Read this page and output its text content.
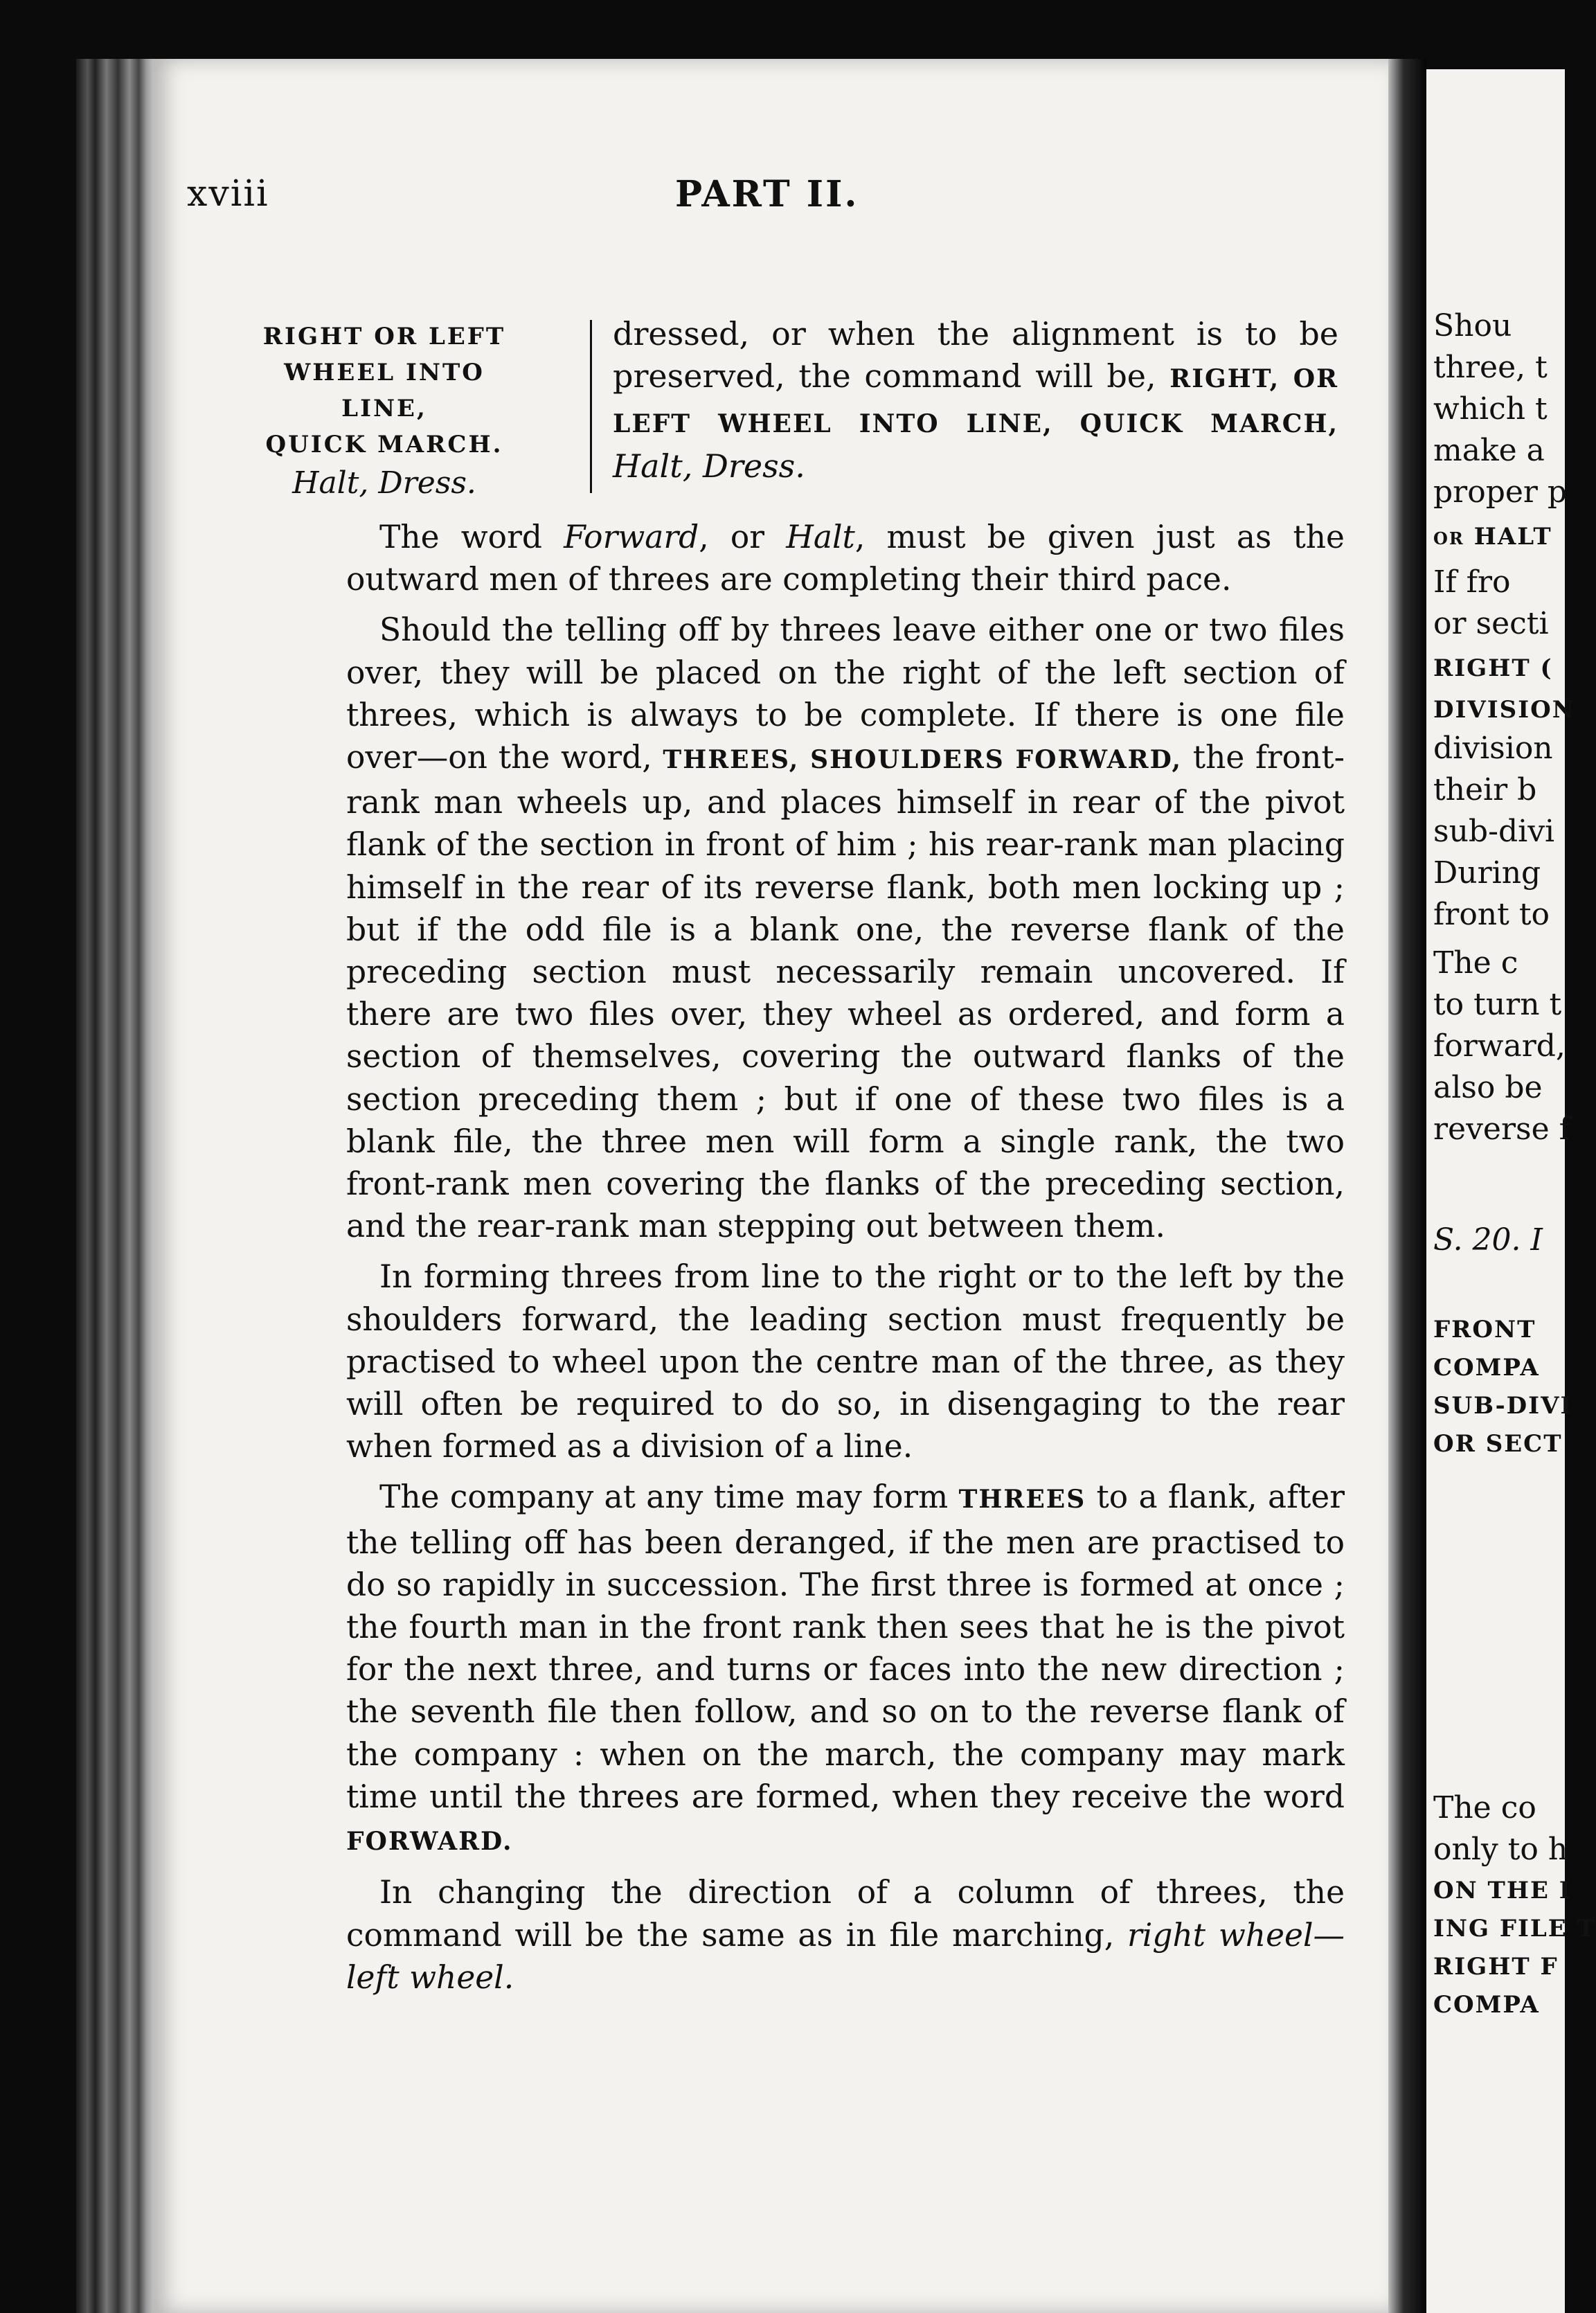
xviii	PART II.
RIGHT OR LEFT
WHEEL INTO
LINE,
QUICK MARCH.
Halt, Dress.
dressed, or when the alignment is to be preserved, the command will be, RIGHT, OR LEFT WHEEL INTO LINE, QUICK MARCH, Halt, Dress.

The word Forward, or Halt, must be given just as the outward men of threes are completing their third pace.

Should the telling off by threes leave either one or two files over, they will be placed on the right of the left section of threes, which is always to be complete. If there is one file over—on the word, THREES, SHOULDERS FORWARD, the front-rank man wheels up, and places himself in rear of the pivot flank of the section in front of him ; his rear-rank man placing himself in the rear of its reverse flank, both men locking up ; but if the odd file is a blank one, the reverse flank of the preceding section must necessarily remain uncovered. If there are two files over, they wheel as ordered, and form a section of themselves, covering the outward flanks of the section preceding them ; but if one of these two files is a blank file, the three men will form a single rank, the two front-rank men covering the flanks of the preceding section, and the rear-rank man stepping out between them.

In forming threes from line to the right or to the left by the shoulders forward, the leading section must frequently be practised to wheel upon the centre man of the three, as they will often be required to do so, in disengaging to the rear when formed as a division of a line.

The company at any time may form THREES to a flank, after the telling off has been deranged, if the men are practised to do so rapidly in succession. The first three is formed at once ; the fourth man in the front rank then sees that he is the pivot for the next three, and turns or faces into the new direction ; the seventh file then follow, and so on to the reverse flank of the company : when on the march, the company may mark time until the threes are formed, when they receive the word FORWARD.

In changing the direction of a column of threes, the command will be the same as in file marching, right wheel—left wheel.

Shou
three, t
which t
make a
proper p
or HALT
If fro
or secti
RIGHT (
DIVISION
division
their b
sub-divi
During
front to
The c
to turn t
forward,
also be
reverse f
S. 20. I
FRONT
COMPA
SUB-DIVI
OR SECT
The co
only to h
ON THE I
ING FILE T
RIGHT F
COMPA
